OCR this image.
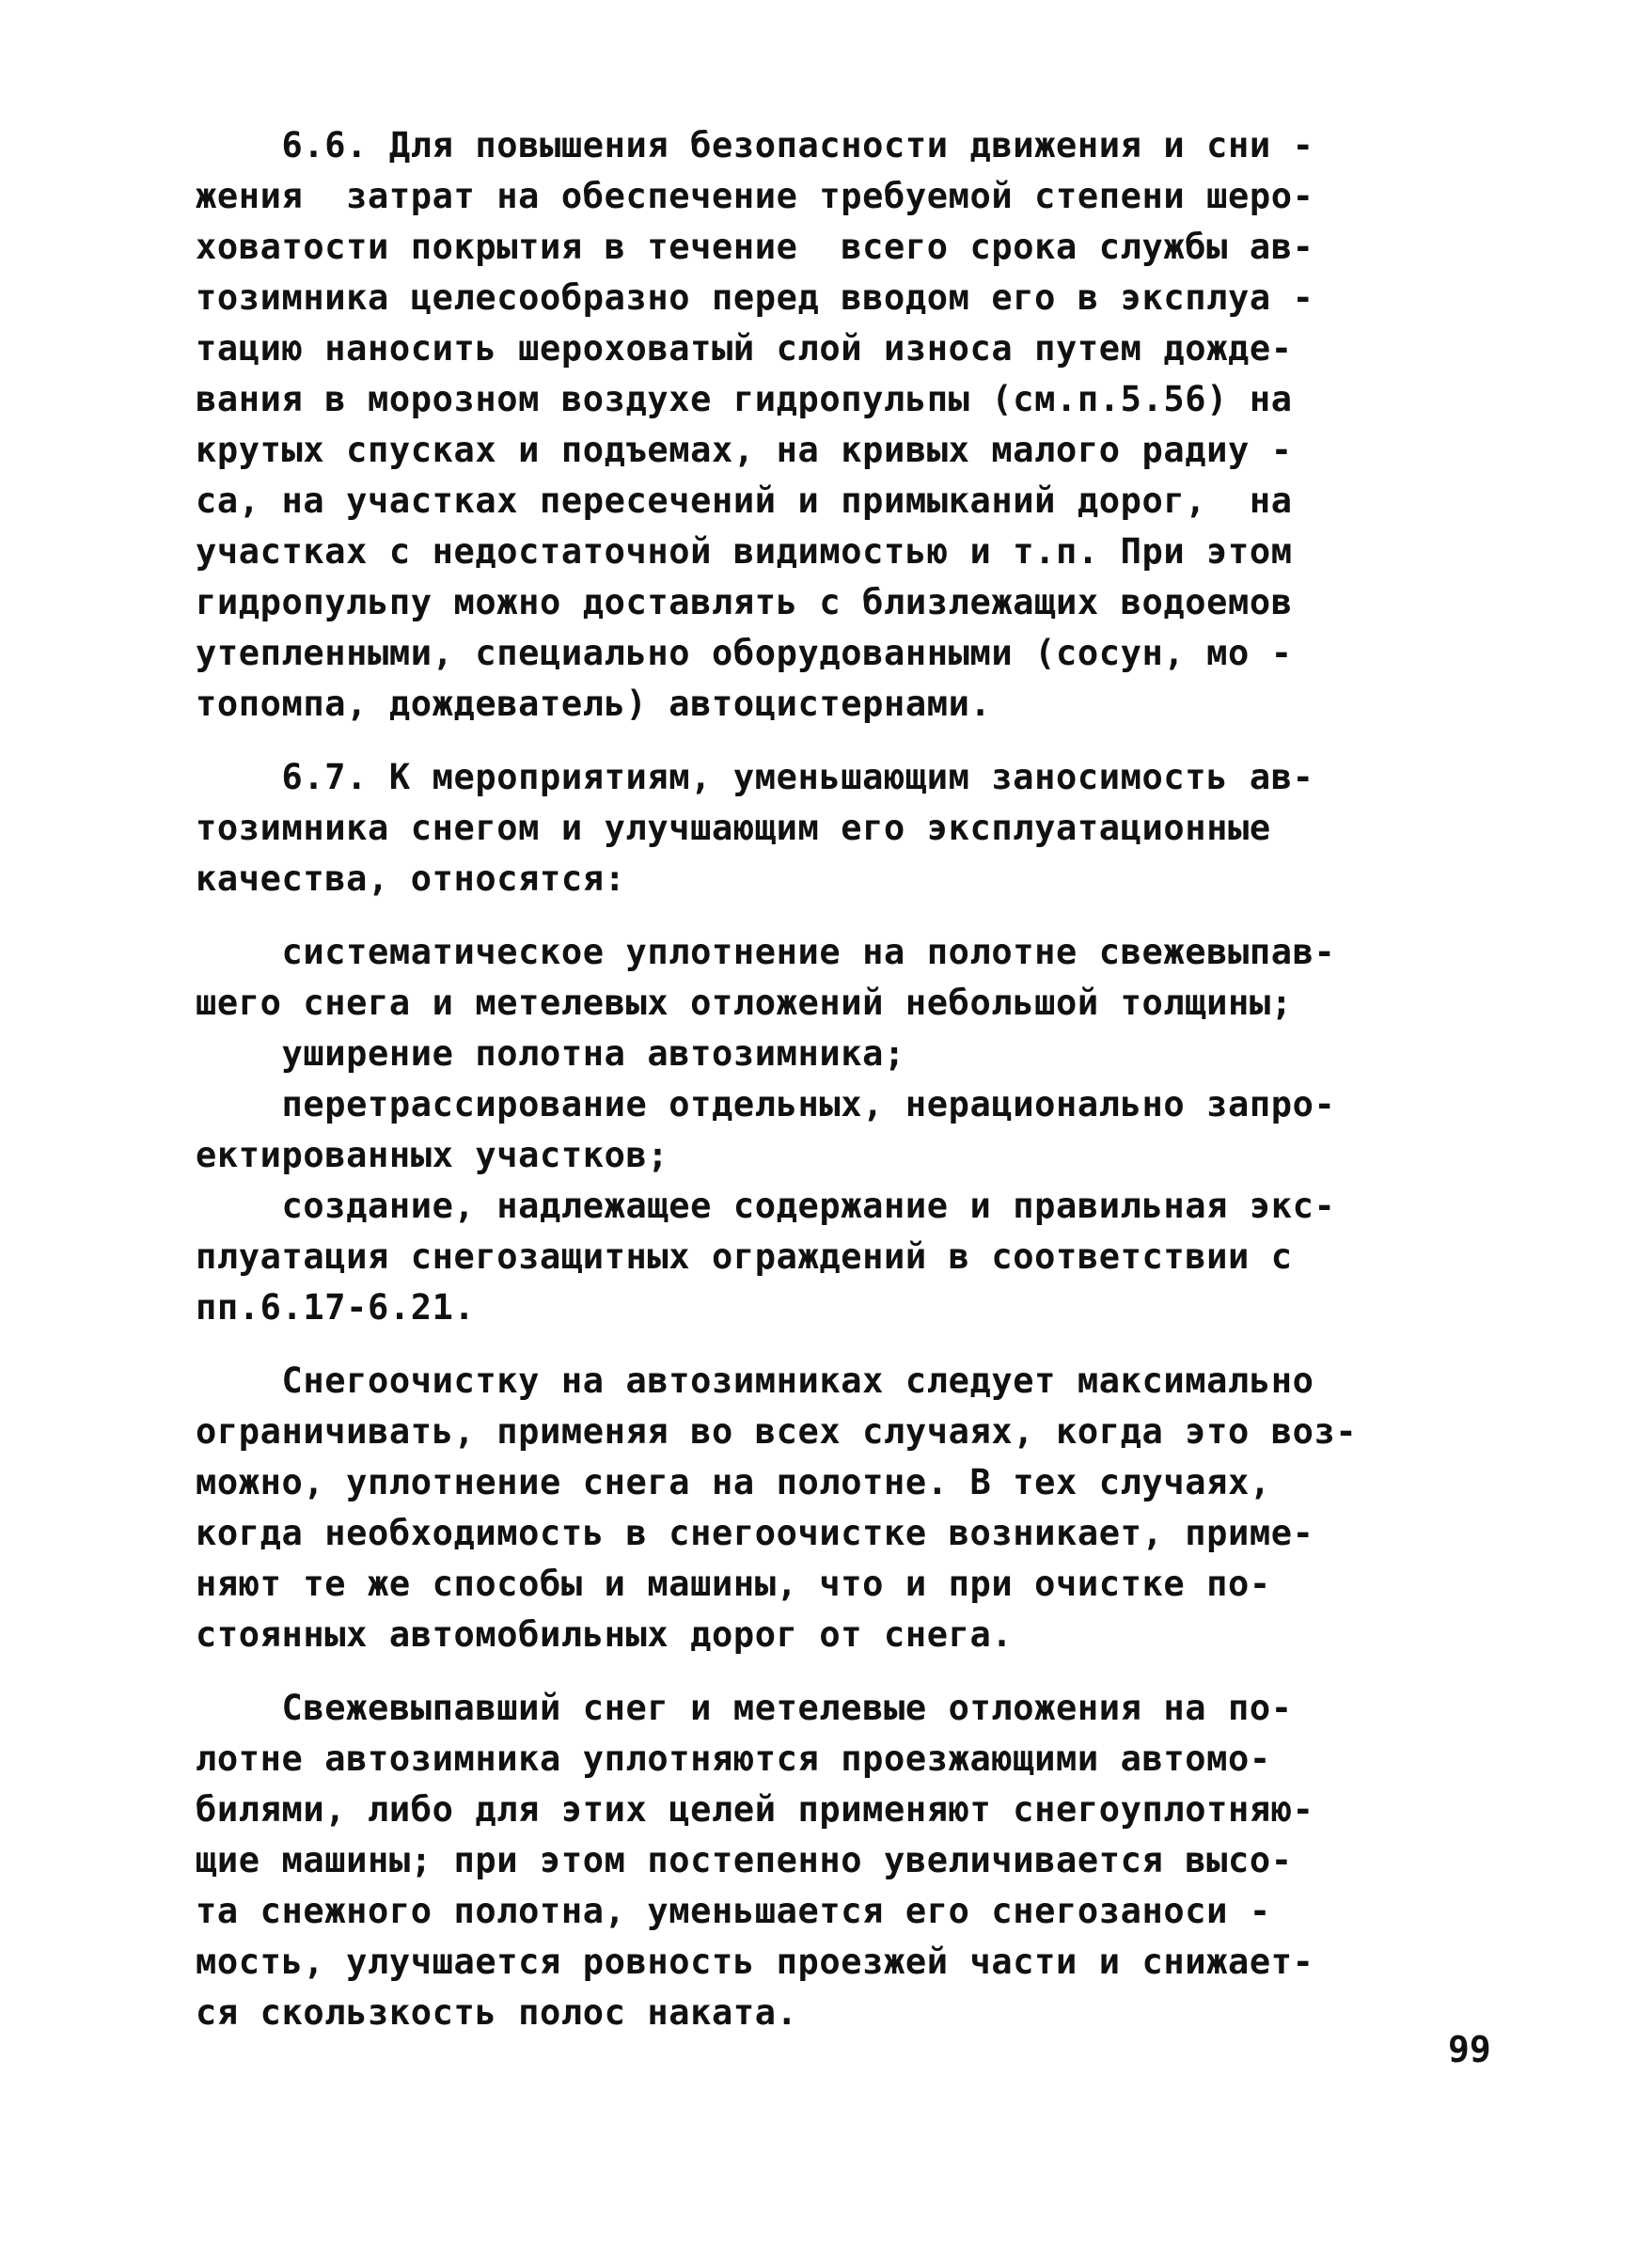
6.6. Для повышения безопасности движения и сни -
жения  затрат на обеспечение требуемой степени шеро-
ховатости покрытия в течение  всего срока службы ав-
тозимника целесообразно перед вводом его в эксплуа -
тацию наносить шероховатый слой износа путем дожде-
вания в морозном воздухе гидропульпы (см.п.5.56) на
крутых спусках и подъемах, на кривых малого радиу -
са, на участках пересечений и примыканий дорог,  на
участках с недостаточной видимостью и т.п. При этом
гидропульпу можно доставлять с близлежащих водоемов
утепленными, специально оборудованными (сосун, мо -
топомпа, дождеватель) автоцистернами.
6.7. К мероприятиям, уменьшающим заносимость ав-
тозимника снегом и улучшающим его эксплуатационные
качества, относятся:
систематическое уплотнение на полотне свежевыпав-
шего снега и метелевых отложений небольшой толщины;
уширение полотна автозимника;
перетрассирование отдельных, нерационально запро-
ектированных участков;
создание, надлежащее содержание и правильная экс-
плуатация снегозащитных ограждений в соответствии с
пп.6.17-6.21.
Снегоочистку на автозимниках следует максимально
ограничивать, применяя во всех случаях, когда это воз-
можно, уплотнение снега на полотне. В тех случаях,
когда необходимость в снегоочистке возникает, приме-
няют те же способы и машины, что и при очистке по-
стоянных автомобильных дорог от снега.
Свежевыпавший снег и метелевые отложения на по-
лотне автозимника уплотняются проезжающими автомо-
билями, либо для этих целей применяют снегоуплотняю-
щие машины; при этом постепенно увеличивается высо-
та снежного полотна, уменьшается его снегозаноси -
мость, улучшается ровность проезжей части и снижает-
ся скользкость полос наката.
99
